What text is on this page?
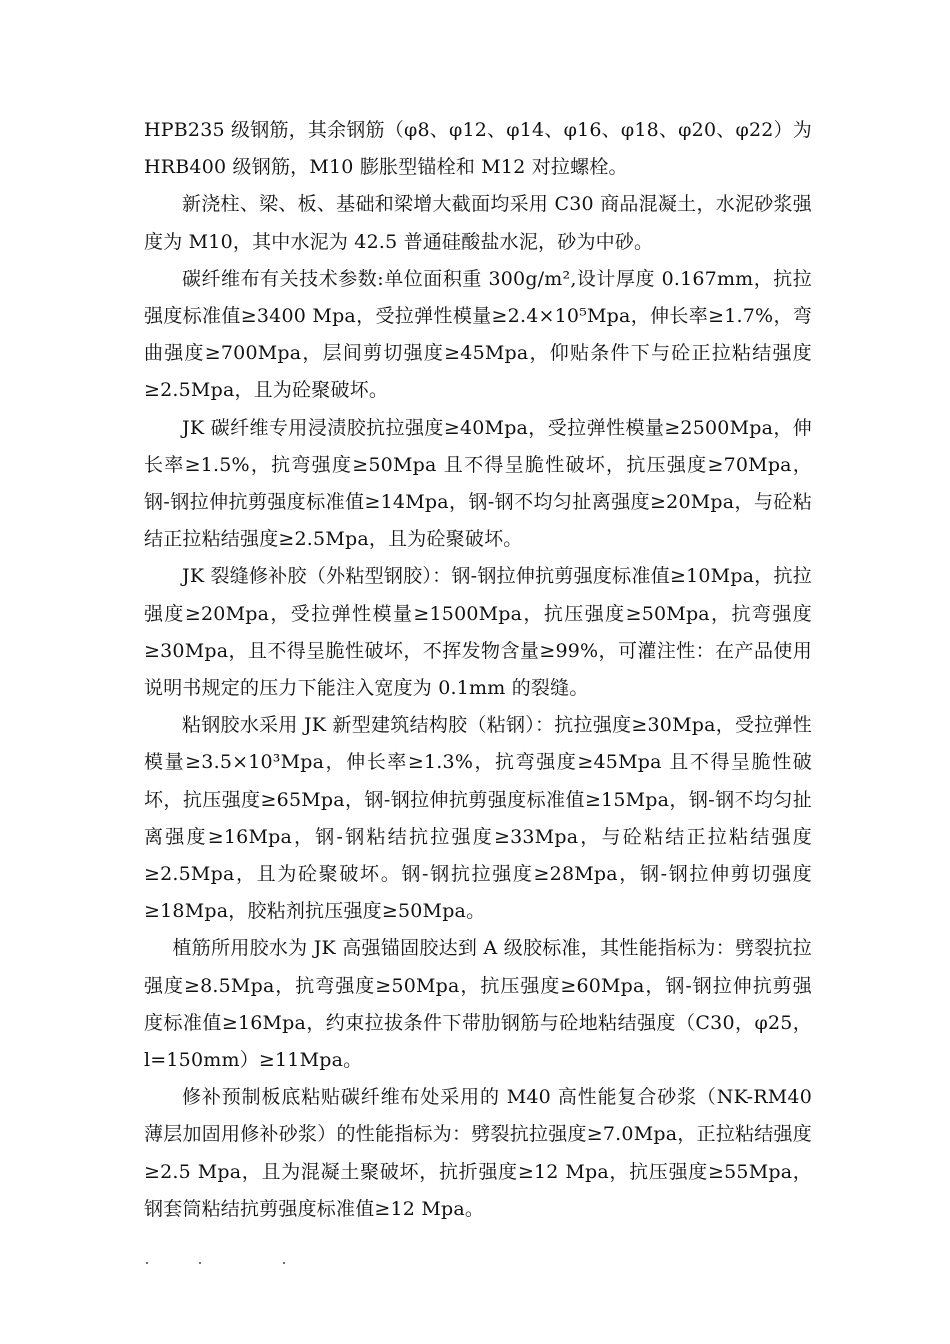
HPB235 级钢筋，其余钢筋（φ8、φ12、φ14、φ16、φ18、φ20、φ22）为 HRB400 级钢筋，M10 膨胀型锚栓和 M12 对拉螺栓。

新浇柱、梁、板、基础和梁增大截面均采用 C30 商品混凝土，水泥砂浆强度为 M10，其中水泥为 42.5 普通硅酸盐水泥，砂为中砂。

碳纤维布有关技术参数:单位面积重 300g/m²,设计厚度 0.167mm，抗拉强度标准值≥3400 Mpa，受拉弹性模量≥2.4×10⁵Mpa，伸长率≥1.7%，弯曲强度≥700Mpa，层间剪切强度≥45Mpa，仰贴条件下与砼正拉粘结强度≥2.5Mpa，且为砼聚破坏。

JK 碳纤维专用浸渍胶抗拉强度≥40Mpa，受拉弹性模量≥2500Mpa，伸长率≥1.5%，抗弯强度≥50Mpa 且不得呈脆性破坏，抗压强度≥70Mpa，钢-钢拉伸抗剪强度标准值≥14Mpa，钢-钢不均匀扯离强度≥20Mpa，与砼粘结正拉粘结强度≥2.5Mpa，且为砼聚破坏。

JK 裂缝修补胶（外粘型钢胶）：钢-钢拉伸抗剪强度标准值≥10Mpa，抗拉强度≥20Mpa，受拉弹性模量≥1500Mpa，抗压强度≥50Mpa，抗弯强度≥30Mpa，且不得呈脆性破坏，不挥发物含量≥99%，可灌注性：在产品使用说明书规定的压力下能注入宽度为 0.1mm 的裂缝。

粘钢胶水采用 JK 新型建筑结构胶（粘钢）：抗拉强度≥30Mpa，受拉弹性模量≥3.5×10³Mpa，伸长率≥1.3%，抗弯强度≥45Mpa 且不得呈脆性破坏，抗压强度≥65Mpa，钢-钢拉伸抗剪强度标准值≥15Mpa，钢-钢不均匀扯离强度≥16Mpa，钢-钢粘结抗拉强度≥33Mpa，与砼粘结正拉粘结强度≥2.5Mpa，且为砼聚破坏。钢-钢抗拉强度≥28Mpa，钢-钢拉伸剪切强度≥18Mpa，胶粘剂抗压强度≥50Mpa。

植筋所用胶水为 JK 高强锚固胶达到 A 级胶标准，其性能指标为：劈裂抗拉强度≥8.5Mpa，抗弯强度≥50Mpa，抗压强度≥60Mpa，钢-钢拉伸抗剪强度标准值≥16Mpa，约束拉拔条件下带肋钢筋与砼地粘结强度（C30，φ25，l=150mm）≥11Mpa。

修补预制板底粘贴碳纤维布处采用的 M40 高性能复合砂浆（NK-RM40薄层加固用修补砂浆）的性能指标为：劈裂抗拉强度≥7.0Mpa，正拉粘结强度≥2.5 Mpa，且为混凝土聚破坏，抗折强度≥12 Mpa，抗压强度≥55Mpa，钢套筒粘结抗剪强度标准值≥12 Mpa。
